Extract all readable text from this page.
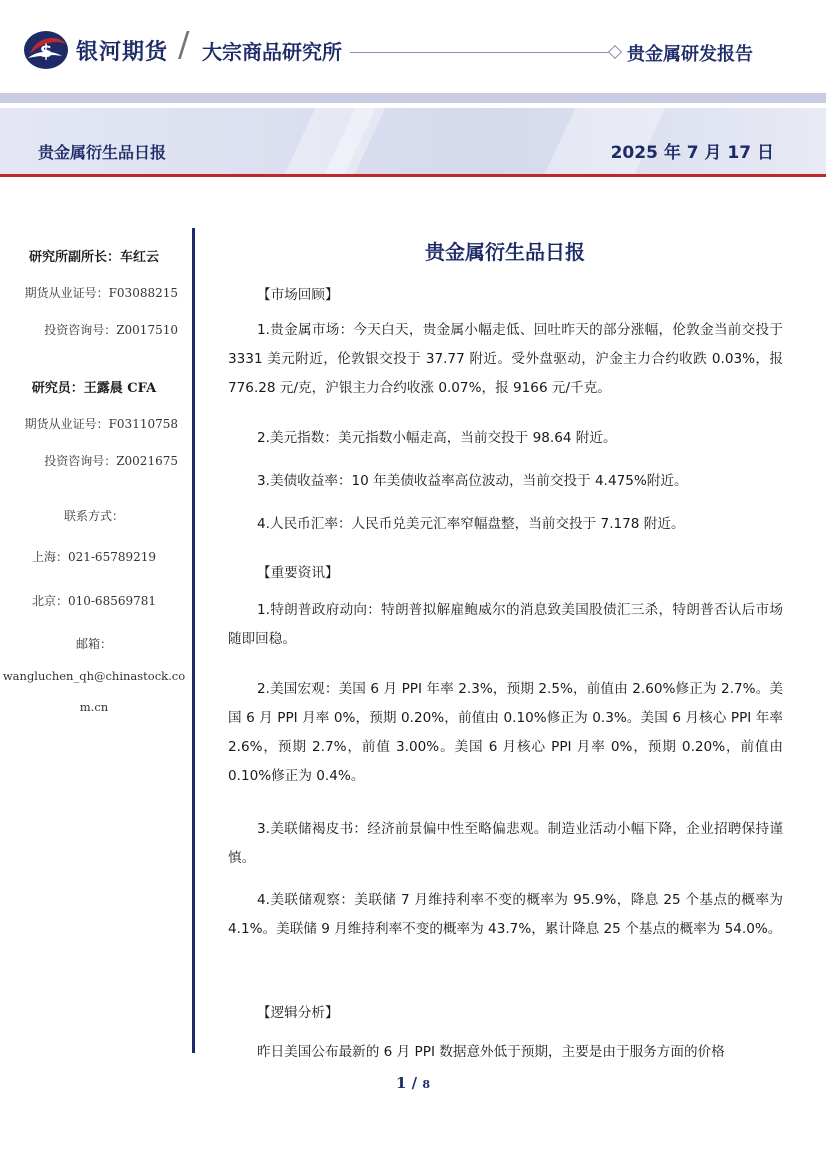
$ 银河期货 / 大宗商品研究所	贵金属研发报告
贵金属衍生品日报	2025 年 7 月 17 日
研究所副所长：车红云
期货从业证号：F03088215
投资咨询号：Z0017510
研究员：王露晨 CFA
期货从业证号：F03110758
投资咨询号：Z0021675
联系方式：
上海：021-65789219
北京：010-68569781
邮箱：
wangluchen_qh@chinastock.co
m.cn
贵金属衍生品日报
【市场回顾】
1.贵金属市场：今天白天，贵金属小幅走低、回吐昨天的部分涨幅，伦敦金当前交投于 3331 美元附近，伦敦银交投于 37.77 附近。受外盘驱动，沪金主力合约收跌 0.03%，报 776.28 元/克，沪银主力合约收涨 0.07%，报 9166 元/千克。
2.美元指数：美元指数小幅走高，当前交投于 98.64 附近。
3.美债收益率：10 年美债收益率高位波动，当前交投于 4.475%附近。
4.人民币汇率：人民币兑美元汇率窄幅盘整，当前交投于 7.178 附近。
【重要资讯】
1.特朗普政府动向：特朗普拟解雇鲍威尔的消息致美国股债汇三杀，特朗普否认后市场随即回稳。
2.美国宏观：美国 6 月 PPI 年率 2.3%，预期 2.5%，前值由 2.60%修正为 2.7%。美国 6 月 PPI 月率 0%，预期 0.20%，前值由 0.10%修正为 0.3%。美国 6 月核心 PPI 年率 2.6%，预期 2.7%，前值 3.00%。美国 6 月核心 PPI 月率 0%，预期 0.20%，前值由 0.10%修正为 0.4%。
3.美联储褐皮书：经济前景偏中性至略偏悲观。制造业活动小幅下降，企业招聘保持谨慎。
4.美联储观察：美联储 7 月维持利率不变的概率为 95.9%，降息 25 个基点的概率为 4.1%。美联储 9 月维持利率不变的概率为 43.7%，累计降息 25 个基点的概率为 54.0%。
【逻辑分析】
昨日美国公布最新的 6 月 PPI 数据意外低于预期，主要是由于服务方面的价格
1 / 8
